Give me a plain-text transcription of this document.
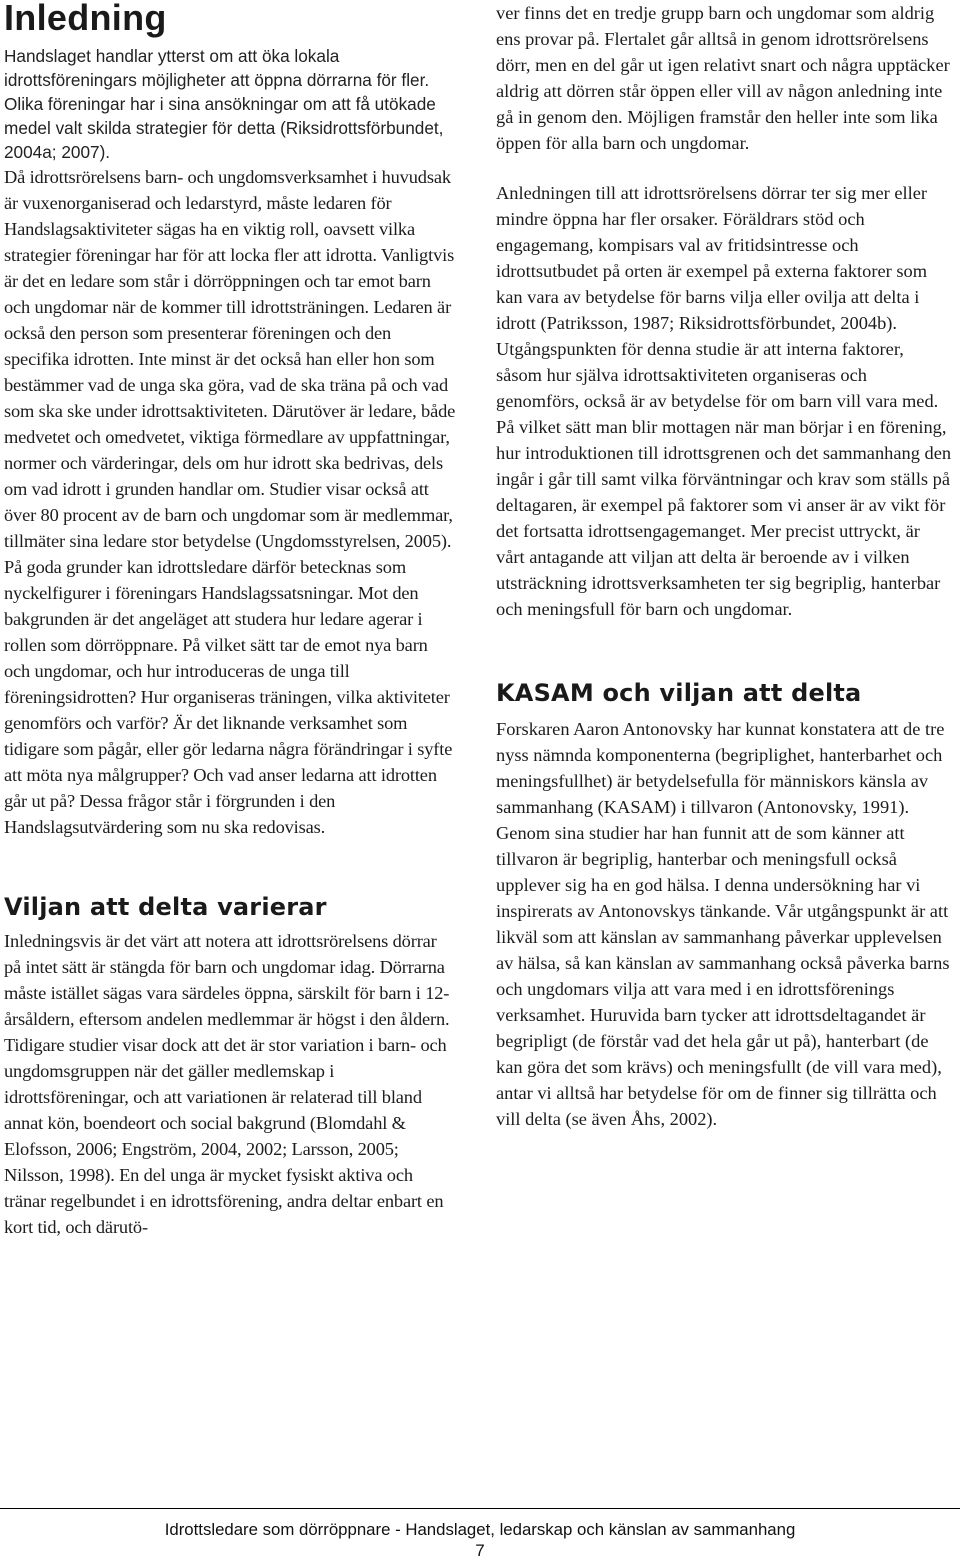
Inledning

Handslaget handlar ytterst om att öka lokala idrottsföreningars möjligheter att öppna dörrarna för fler. Olika föreningar har i sina ansökningar om att få utökade medel valt skilda strategier för detta (Riksidrottsförbundet, 2004a; 2007).

Då idrottsrörelsens barn- och ungdomsverksamhet i huvudsak är vuxenorganiserad och ledarstyrd, måste ledaren för Handslagsaktiviteter sägas ha en viktig roll, oavsett vilka strategier föreningar har för att locka fler att idrotta. Vanligtvis är det en ledare som står i dörröppningen och tar emot barn och ungdomar när de kommer till idrottsträningen. Ledaren är också den person som presenterar föreningen och den specifika idrotten. Inte minst är det också han eller hon som bestämmer vad de unga ska göra, vad de ska träna på och vad som ska ske under idrottsaktiviteten. Därutöver är ledare, både medvetet och omedvetet, viktiga förmedlare av uppfattningar, normer och värderingar, dels om hur idrott ska bedrivas, dels om vad idrott i grunden handlar om. Studier visar också att över 80 procent av de barn och ungdomar som är medlemmar, tillmäter sina ledare stor betydelse (Ungdomsstyrelsen, 2005). På goda grunder kan idrottsledare därför betecknas som nyckelfigurer i föreningars Handslagssatsningar. Mot den bakgrunden är det angeläget att studera hur ledare agerar i rollen som dörröppnare. På vilket sätt tar de emot nya barn och ungdomar, och hur introduceras de unga till föreningsidrotten? Hur organiseras träningen, vilka aktiviteter genomförs och varför? Är det liknande verksamhet som tidigare som pågår, eller gör ledarna några förändringar i syfte att möta nya målgrupper? Och vad anser ledarna att idrotten går ut på? Dessa frågor står i förgrunden i den Handslagsutvärdering som nu ska redovisas.

Viljan att delta varierar

Inledningsvis är det värt att notera att idrottsrörelsens dörrar på intet sätt är stängda för barn och ungdomar idag. Dörrarna måste istället sägas vara särdeles öppna, särskilt för barn i 12-årsåldern, eftersom andelen medlemmar är högst i den åldern. Tidigare studier visar dock att det är stor variation i barn- och ungdomsgruppen när det gäller medlemskap i idrottsföreningar, och att variationen är relaterad till bland annat kön, boendeort och social bakgrund (Blomdahl & Elofsson, 2006; Engström, 2004, 2002; Larsson, 2005; Nilsson, 1998). En del unga är mycket fysiskt aktiva och tränar regelbundet i en idrottsförening, andra deltar enbart en kort tid, och därutö-

ver finns det en tredje grupp barn och ungdomar som aldrig ens provar på. Flertalet går alltså in genom idrottsrörelsens dörr, men en del går ut igen relativt snart och några upptäcker aldrig att dörren står öppen eller vill av någon anledning inte gå in genom den. Möjligen framstår den heller inte som lika öppen för alla barn och ungdomar.

Anledningen till att idrottsrörelsens dörrar ter sig mer eller mindre öppna har fler orsaker. Föräldrars stöd och engagemang, kompisars val av fritidsintresse och idrottsutbudet på orten är exempel på externa faktorer som kan vara av betydelse för barns vilja eller ovilja att delta i idrott (Patriksson, 1987; Riksidrottsförbundet, 2004b). Utgångspunkten för denna studie är att interna faktorer, såsom hur själva idrottsaktiviteten organiseras och genomförs, också är av betydelse för om barn vill vara med. På vilket sätt man blir mottagen när man börjar i en förening, hur introduktionen till idrottsgrenen och det sammanhang den ingår i går till samt vilka förväntningar och krav som ställs på deltagaren, är exempel på faktorer som vi anser är av vikt för det fortsatta idrottsengagemanget. Mer precist uttryckt, är vårt antagande att viljan att delta är beroende av i vilken utsträckning idrottsverksamheten ter sig begriplig, hanterbar och meningsfull för barn och ungdomar.

KASAM och viljan att delta

Forskaren Aaron Antonovsky har kunnat konstatera att de tre nyss nämnda komponenterna (begriplighet, hanterbarhet och meningsfullhet) är betydelsefulla för människors känsla av sammanhang (KASAM) i tillvaron (Antonovsky, 1991). Genom sina studier har han funnit att de som känner att tillvaron är begriplig, hanterbar och meningsfull också upplever sig ha en god hälsa. I denna undersökning har vi inspirerats av Antonovskys tänkande. Vår utgångspunkt är att likväl som att känslan av sammanhang påverkar upplevelsen av hälsa, så kan känslan av sammanhang också påverka barns och ungdomars vilja att vara med i en idrottsförenings verksamhet. Huruvida barn tycker att idrottsdeltagandet är begripligt (de förstår vad det hela går ut på), hanterbart (de kan göra det som krävs) och meningsfullt (de vill vara med), antar vi alltså har betydelse för om de finner sig tillrätta och vill delta (se även Åhs, 2002).

Idrottsledare som dörröppnare - Handslaget, ledarskap och känslan av sammanhang
7
